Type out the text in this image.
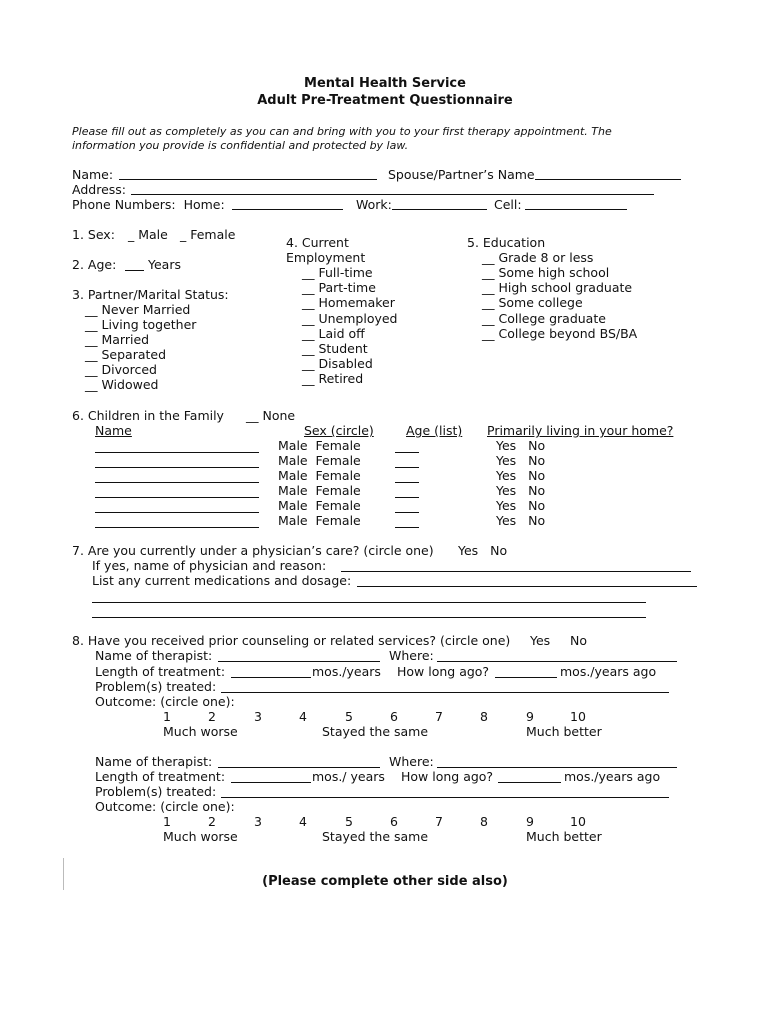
Mental Health Service
Adult Pre-Treatment Questionnaire
Please fill out as completely as you can and bring with you to your first therapy appointment. The
information you provide is confidential and protected by law.
Name:	Spouse/Partner’s Name
Address:
Phone Numbers:  Home:	Work:	Cell:
1. Sex: _ Male _ Female
2. Age:	Years
3. Partner/Marital Status:
__ Never Married
__ Living together
__ Married
__ Separated
__ Divorced
__ Widowed
4. Current
Employment
__ Full-time
__ Part-time
__ Homemaker
__ Unemployed
__ Laid off
__ Student
__ Disabled
__ Retired
5. Education
__ Grade 8 or less
__ Some high school
__ High school graduate
__ Some college
__ College graduate
__ College beyond BS/BA
6. Children in the Family __ None
Name	Sex (circle)	Age (list) Primarily living in your home?
Male  Female	Yes   No
Male  Female	Yes   No
Male  Female	Yes   No
Male  Female	Yes   No
Male  Female	Yes   No
Male  Female	Yes   No
7. Are you currently under a physician’s care? (circle one) Yes   No
If yes, name of physician and reason:
List any current medications and dosage:
8. Have you received prior counseling or related services? (circle one) Yes     No
Name of therapist:	Where:
Length of treatment:	mos./years How long ago?	mos./years ago
Problem(s) treated:
Outcome: (circle one):
1	2	3	4	5	6	7	8	9	10
Much worse	Stayed the same	Much better
Name of therapist:	Where:
Length of treatment:	mos./ years How long ago?	mos./years ago
Problem(s) treated:
Outcome: (circle one):
1	2	3	4	5	6	7	8	9	10
Much worse	Stayed the same	Much better
(Please complete other side also)
